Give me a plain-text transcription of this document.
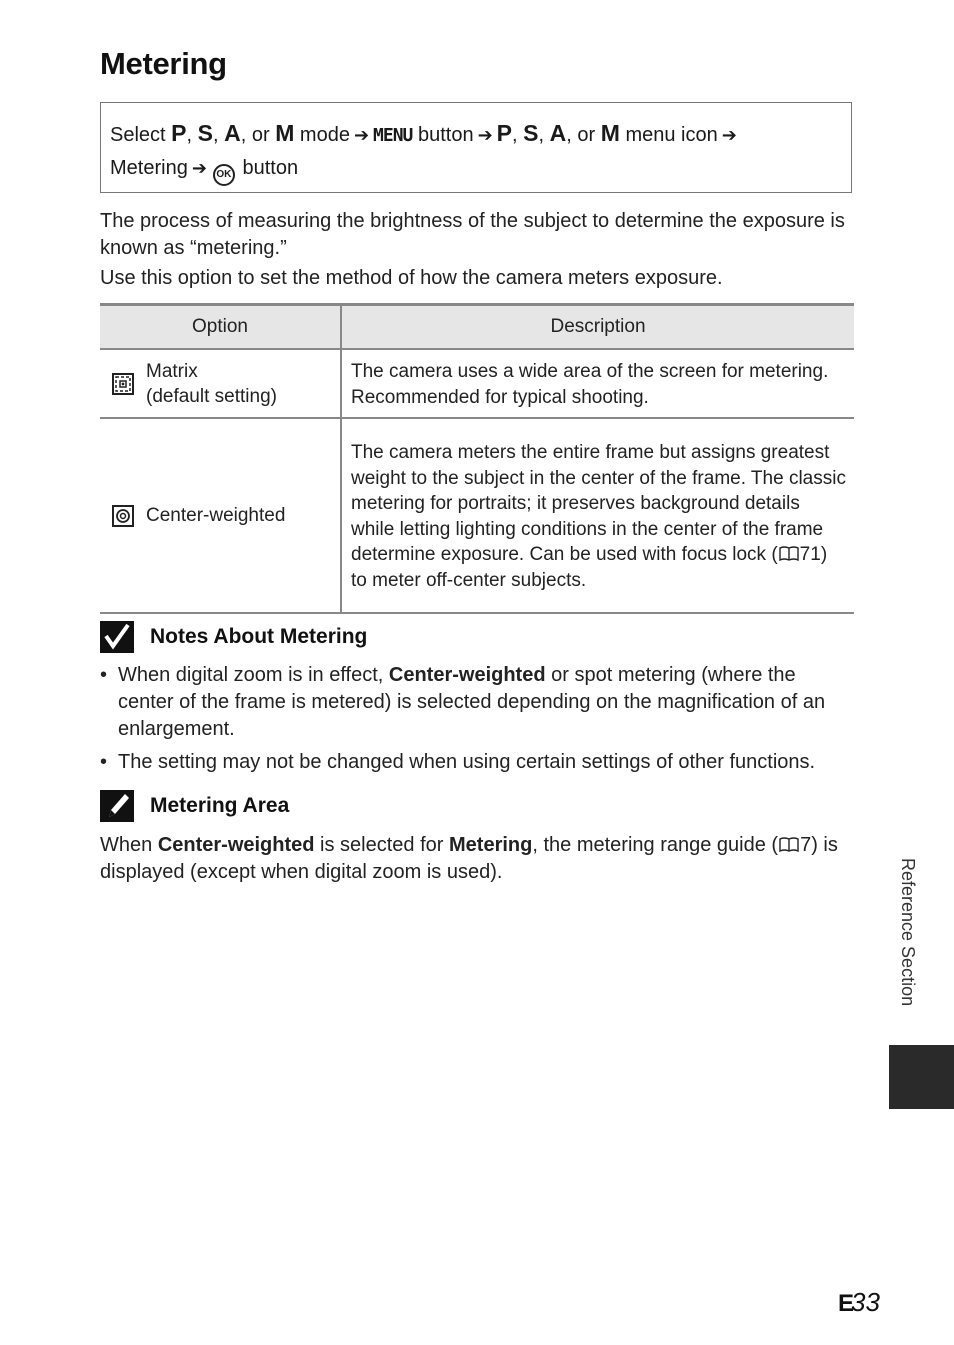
Metering
Select P, S, A, or M mode ➔ MENU button ➔ P, S, A, or M menu icon ➔
Metering ➔ OK button
The process of measuring the brightness of the subject to determine the exposure is known as “metering.”
Use this option to set the method of how the camera meters exposure.
Option		Description

Matrix
(default setting)	The camera uses a wide area of the screen for metering. Recommended for typical shooting.
	Center-weighted	The camera meters the entire frame but assigns greatest weight to the subject in the center of the frame. The classic metering for portraits; it preserves background details while letting lighting conditions in the center of the frame determine exposure. Can be used with focus lock ( 71) to meter off-center subjects.
Notes About Metering
• When digital zoom is in effect, Center-weighted or spot metering (where the center of the frame is metered) is selected depending on the magnification of an enlargement.
• The setting may not be changed when using certain settings of other functions.
Metering Area
When Center-weighted is selected for Metering, the metering range guide ( 7) is displayed (except when digital zoom is used).	Reference Section
E33
